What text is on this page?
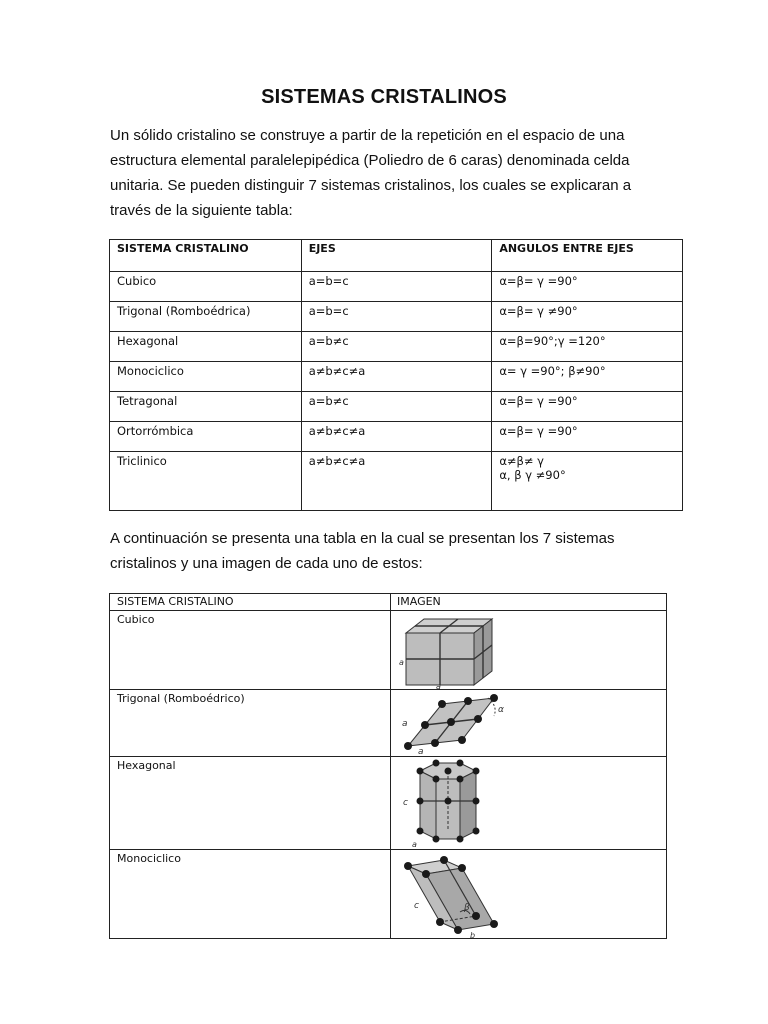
SISTEMAS CRISTALINOS
Un sólido cristalino se construye a partir de la repetición en el espacio de una estructura elemental paralelepipédica (Poliedro de 6 caras) denominada celda unitaria. Se pueden distinguir 7 sistemas cristalinos, los cuales se explicaran a través de la siguiente tabla:
SISTEMA CRISTALINO	EJES	ANGULOS ENTRE EJES
Cubico	a=b=c	α=β= γ =90°
Trigonal (Romboédrica)	a=b=c	α=β= γ ≠90°
Hexagonal	a=b≠c	α=β=90°;γ =120°
Monociclico	a≠b≠c≠a	α= γ =90°; β≠90°
Tetragonal	a=b≠c	α=β= γ =90°
Ortorrómbica	a≠b≠c≠a	α=β= γ =90°
Triclinico	a≠b≠c≠a	α≠β≠ γ
α, β γ ≠90°
A continuación se presenta una tabla en la cual se presentan los 7 sistemas cristalinos y una imagen de cada uno de estos:
SISTEMA CRISTALINO	IMAGEN
Cubico	a
a

Trigonal (Romboédrico)	a
a
α

Hexagonal	c
a

Monociclico	c β
b
